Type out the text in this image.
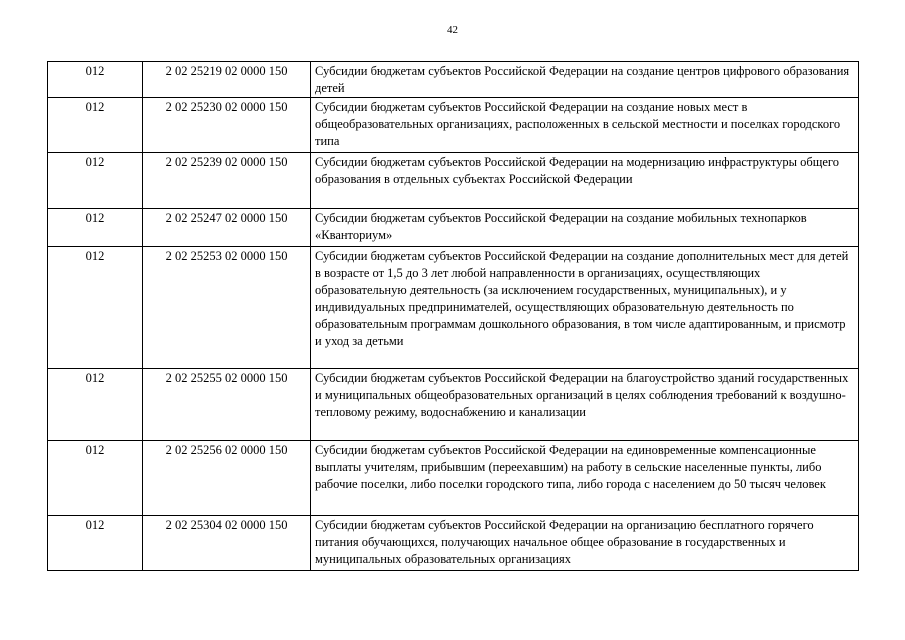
42
012	2 02 25219 02 0000 150	Субсидии бюджетам субъектов Российской Федерации на создание центров цифрового образования детей
012	2 02 25230 02 0000 150	Субсидии бюджетам субъектов Российской Федерации на создание новых мест в общеобразовательных организациях, расположенных в сельской местности и поселках городского типа
012	2 02 25239 02 0000 150	Субсидии бюджетам субъектов Российской Федерации на модернизацию инфраструктуры общего образования в отдельных субъектах Российской Федерации
012	2 02 25247 02 0000 150	Субсидии бюджетам субъектов Российской Федерации на создание мобильных технопарков «Кванториум»
012	2 02 25253 02 0000 150	Субсидии бюджетам субъектов Российской Федерации на создание дополнительных мест для детей в возрасте от 1,5 до 3 лет любой направленности в организациях, осуществляющих образовательную деятельность (за исключением государственных, муниципальных), и у индивидуальных предпринимателей, осуществляющих образовательную деятельность по образовательным программам дошкольного образования, в том числе адаптированным, и присмотр и уход за детьми
012	2 02 25255 02 0000 150	Субсидии бюджетам субъектов Российской Федерации на благоустройство зданий государственных и муниципальных общеобразовательных организаций в целях соблюдения требований к воздушно-тепловому режиму, водоснабжению и канализации
012	2 02 25256 02 0000 150	Субсидии бюджетам субъектов Российской Федерации на единовременные компенсационные выплаты учителям, прибывшим (переехавшим) на работу в сельские населенные пункты, либо рабочие поселки, либо поселки городского типа, либо города с населением до 50 тысяч человек
012	2 02 25304 02 0000 150	Субсидии бюджетам субъектов Российской Федерации на организацию бесплатного горячего питания обучающихся, получающих начальное общее образование в государственных и муниципальных образовательных организациях
